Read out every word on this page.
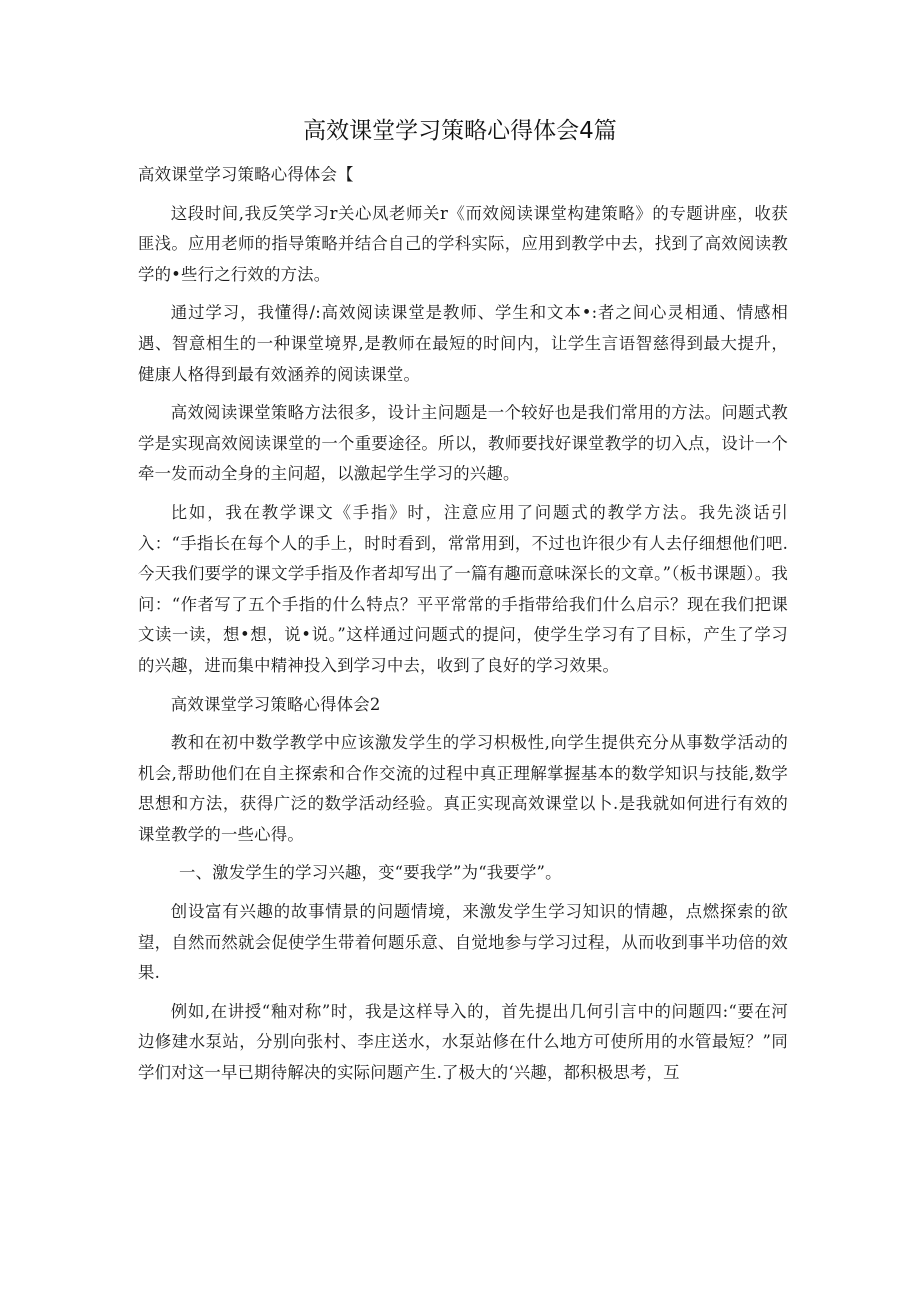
高效课堂学习策略心得体会4篇

高效课堂学习策略心得体会【

这段时间,我反笑学习r关心凤老师关r《而效阅读课堂构建策略》的专题讲座，收获匪浅。应用老师的指导策略并结合自己的学科实际，应用到教学中去，找到了高效阅读教学的•些行之行效的方法。

通过学习，我懂得/:高效阅读课堂是教师、学生和文本•:者之间心灵相通、情感相遇、智意相生的一种课堂境界,是教师在最短的时间内，让学生言语智慈得到最大提升，健康人格得到最有效涵养的阅读课堂。

高效阅读课堂策略方法很多，设计主问题是一个较好也是我们常用的方法。问题式教学是实现高效阅读课堂的一个重要途径。所以，教师要找好课堂教学的切入点，设计一个牵一发而动全身的主问超，以激起学生学习的兴趣。

比如，我在教学课文《手指》时，注意应用了问题式的教学方法。我先淡话引入：“手指长在每个人的手上，时时看到，常常用到，不过也许很少有人去仔细想他们吧.今天我们要学的课文学手指及作者却写出了一篇有趣而意味深长的文章。”（板书课题）。我问：“作者写了五个手指的什么特点？平平常常的手指带给我们什么启示？现在我们把课文读一读，想•想，说•说。”这样通过问题式的提问，使学生学习有了目标，产生了学习的兴趣，进而集中精神投入到学习中去，收到了良好的学习效果。

高效课堂学习策略心得体会2

教和在初中数学教学中应该激发学生的学习枳极性,向学生提供充分从事数学活动的机会,帮助他们在自主探索和合作交流的过程中真正理解掌握基本的数学知识与技能,数学思想和方法，获得广泛的数学活动经验。真正实现高效课堂以卜.是我就如何进行有效的课堂教学的一些心得。

一、激发学生的学习兴趣，变“要我学”为“我要学”。

创设富有兴趣的故事情景的问题情境，来激发学生学习知识的情趣，点燃探索的欲望，自然而然就会促使学生带着何题乐意、自觉地参与学习过程，从而收到事半功倍的效果.

例如,在讲授“釉对称”时，我是这样导入的，首先提出几何引言中的问题四:“要在河边修建水泵站，分别向张村、李庄送水，水泵站修在什么地方可使所用的水管最短？”同学们对这一早已期待解决的实际问题产生.了极大的‘兴趣，都积极思考，互
